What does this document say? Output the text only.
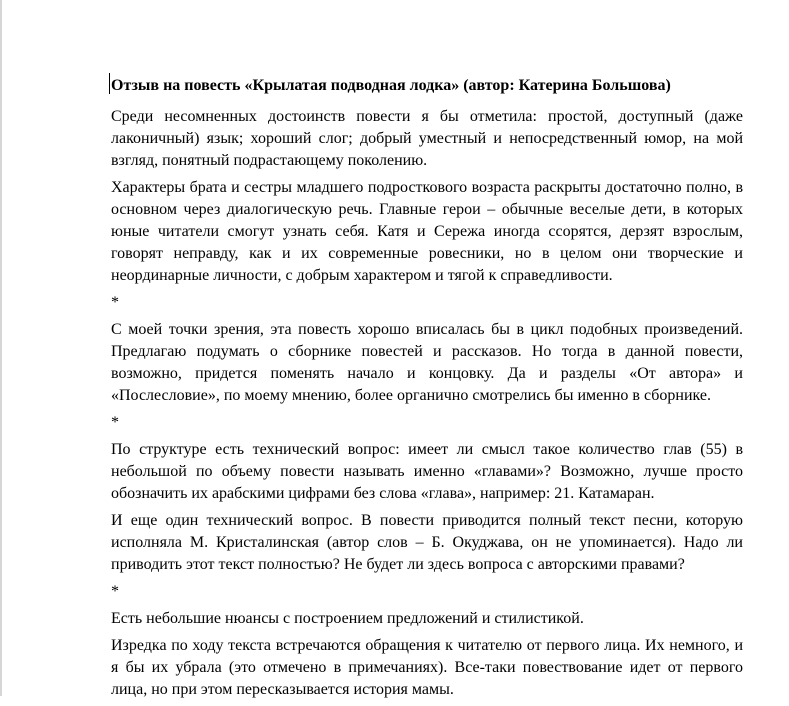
Отзыв на повесть «Крылатая подводная лодка» (автор: Катерина Большова)

Среди несомненных достоинств повести я бы отметила: простой, доступный (даже лаконичный) язык; хороший слог; добрый уместный и непосредственный юмор, на мой взгляд, понятный подрастающему поколению.

Характеры брата и сестры младшего подросткового возраста раскрыты достаточно полно, в основном через диалогическую речь. Главные герои – обычные веселые дети, в которых юные читатели смогут узнать себя. Катя и Сережа иногда ссорятся, дерзят взрослым, говорят неправду, как и их современные ровесники, но в целом они творческие и неординарные личности, с добрым характером и тягой к справедливости.

*

С моей точки зрения, эта повесть хорошо вписалась бы в цикл подобных произведений. Предлагаю подумать о сборнике повестей и рассказов. Но тогда в данной повести, возможно, придется поменять начало и концовку. Да и разделы «От автора» и «Послесловие», по моему мнению, более органично смотрелись бы именно в сборнике.

*

По структуре есть технический вопрос: имеет ли смысл такое количество глав (55) в небольшой по объему повести называть именно «главами»? Возможно, лучше просто обозначить их арабскими цифрами без слова «глава», например: 21. Катамаран.

И еще один технический вопрос. В повести приводится полный текст песни, которую исполняла М. Кристалинская (автор слов – Б. Окуджава, он не упоминается). Надо ли приводить этот текст полностью? Не будет ли здесь вопроса с авторскими правами?

*

Есть небольшие нюансы с построением предложений и стилистикой.

Изредка по ходу текста встречаются обращения к читателю от первого лица. Их немного, и я бы их убрала (это отмечено в примечаниях). Все-таки повествование идет от первого лица, но при этом пересказывается история мамы.
